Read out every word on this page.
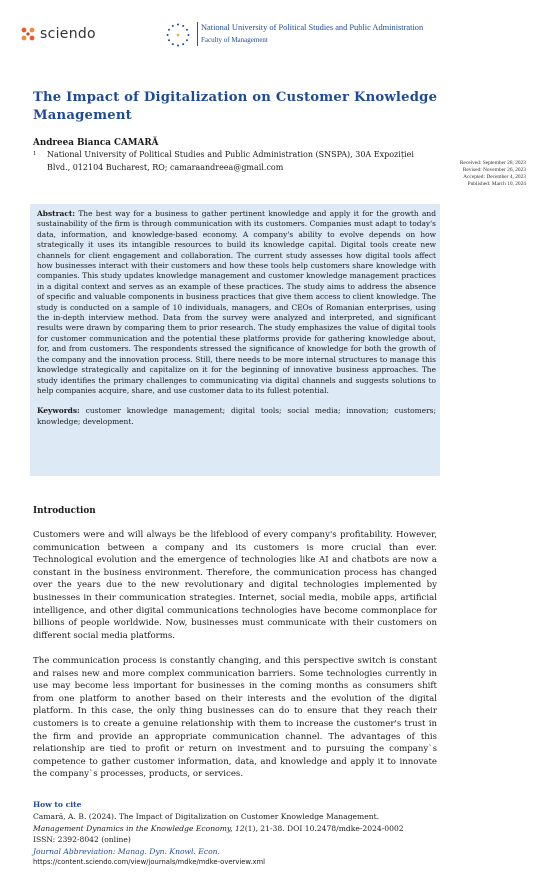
sciendo	National University of Political Studies and Public Administration
Faculty of Management
The Impact of Digitalization on Customer Knowledge Management
Andreea Bianca CAMARĂ
1 National University of Political Studies and Public Administration (SNSPA), 30A Expoziției Blvd., 012104 Bucharest, RO; camaraandreea@gmail.com	Received: September 28, 2023
Revised: November 26, 2023
Accepted: December 4, 2023
Published: March 10, 2024
Abstract: The best way for a business to gather pertinent knowledge and apply it for the growth and sustainability of the firm is through communication with its customers. Companies must adapt to today's data, information, and knowledge-based economy. A company's ability to evolve depends on how strategically it uses its intangible resources to build its knowledge capital. Digital tools create new channels for client engagement and collaboration. The current study assesses how digital tools affect how businesses interact with their customers and how these tools help customers share knowledge with companies. This study updates knowledge management and customer knowledge management practices in a digital context and serves as an example of these practices. The study aims to address the absence of specific and valuable components in business practices that give them access to client knowledge. The study is conducted on a sample of 10 individuals, managers, and CEOs of Romanian enterprises, using the in-depth interview method. Data from the survey were analyzed and interpreted, and significant results were drawn by comparing them to prior research. The study emphasizes the value of digital tools for customer communication and the potential these platforms provide for gathering knowledge about, for, and from customers. The respondents stressed the significance of knowledge for both the growth of the company and the innovation process. Still, there needs to be more internal structures to manage this knowledge strategically and capitalize on it for the beginning of innovative business approaches. The study identifies the primary challenges to communicating via digital channels and suggests solutions to help companies acquire, share, and use customer data to its fullest potential.
Keywords: customer knowledge management; digital tools; social media; innovation; customers; knowledge; development.
Introduction
Customers were and will always be the lifeblood of every company's profitability. However, communication between a company and its customers is more crucial than ever. Technological evolution and the emergence of technologies like AI and chatbots are now a constant in the business environment. Therefore, the communication process has changed over the years due to the new revolutionary and digital technologies implemented by businesses in their communication strategies. Internet, social media, mobile apps, artificial intelligence, and other digital communications technologies have become commonplace for billions of people worldwide. Now, businesses must communicate with their customers on different social media platforms.
The communication process is constantly changing, and this perspective switch is constant and raises new and more complex communication barriers. Some technologies currently in use may become less important for businesses in the coming months as consumers shift from one platform to another based on their interests and the evolution of the digital platform. In this case, the only thing businesses can do to ensure that they reach their customers is to create a genuine relationship with them to increase the customer's trust in the firm and provide an appropriate communication channel. The advantages of this relationship are tied to profit or return on investment and to pursuing the company`s competence to gather customer information, data, and knowledge and apply it to innovate the company`s processes, products, or services.
How to cite
Camară, A. B. (2024). The Impact of Digitalization on Customer Knowledge Management.
Management Dynamics in the Knowledge Economy, 12(1), 21-38. DOI 10.2478/mdke-2024-0002
ISSN: 2392-8042 (online)
Journal Abbreviation: Manag. Dyn. Knowl. Econ.
https://content.sciendo.com/view/journals/mdke/mdke-overview.xml
